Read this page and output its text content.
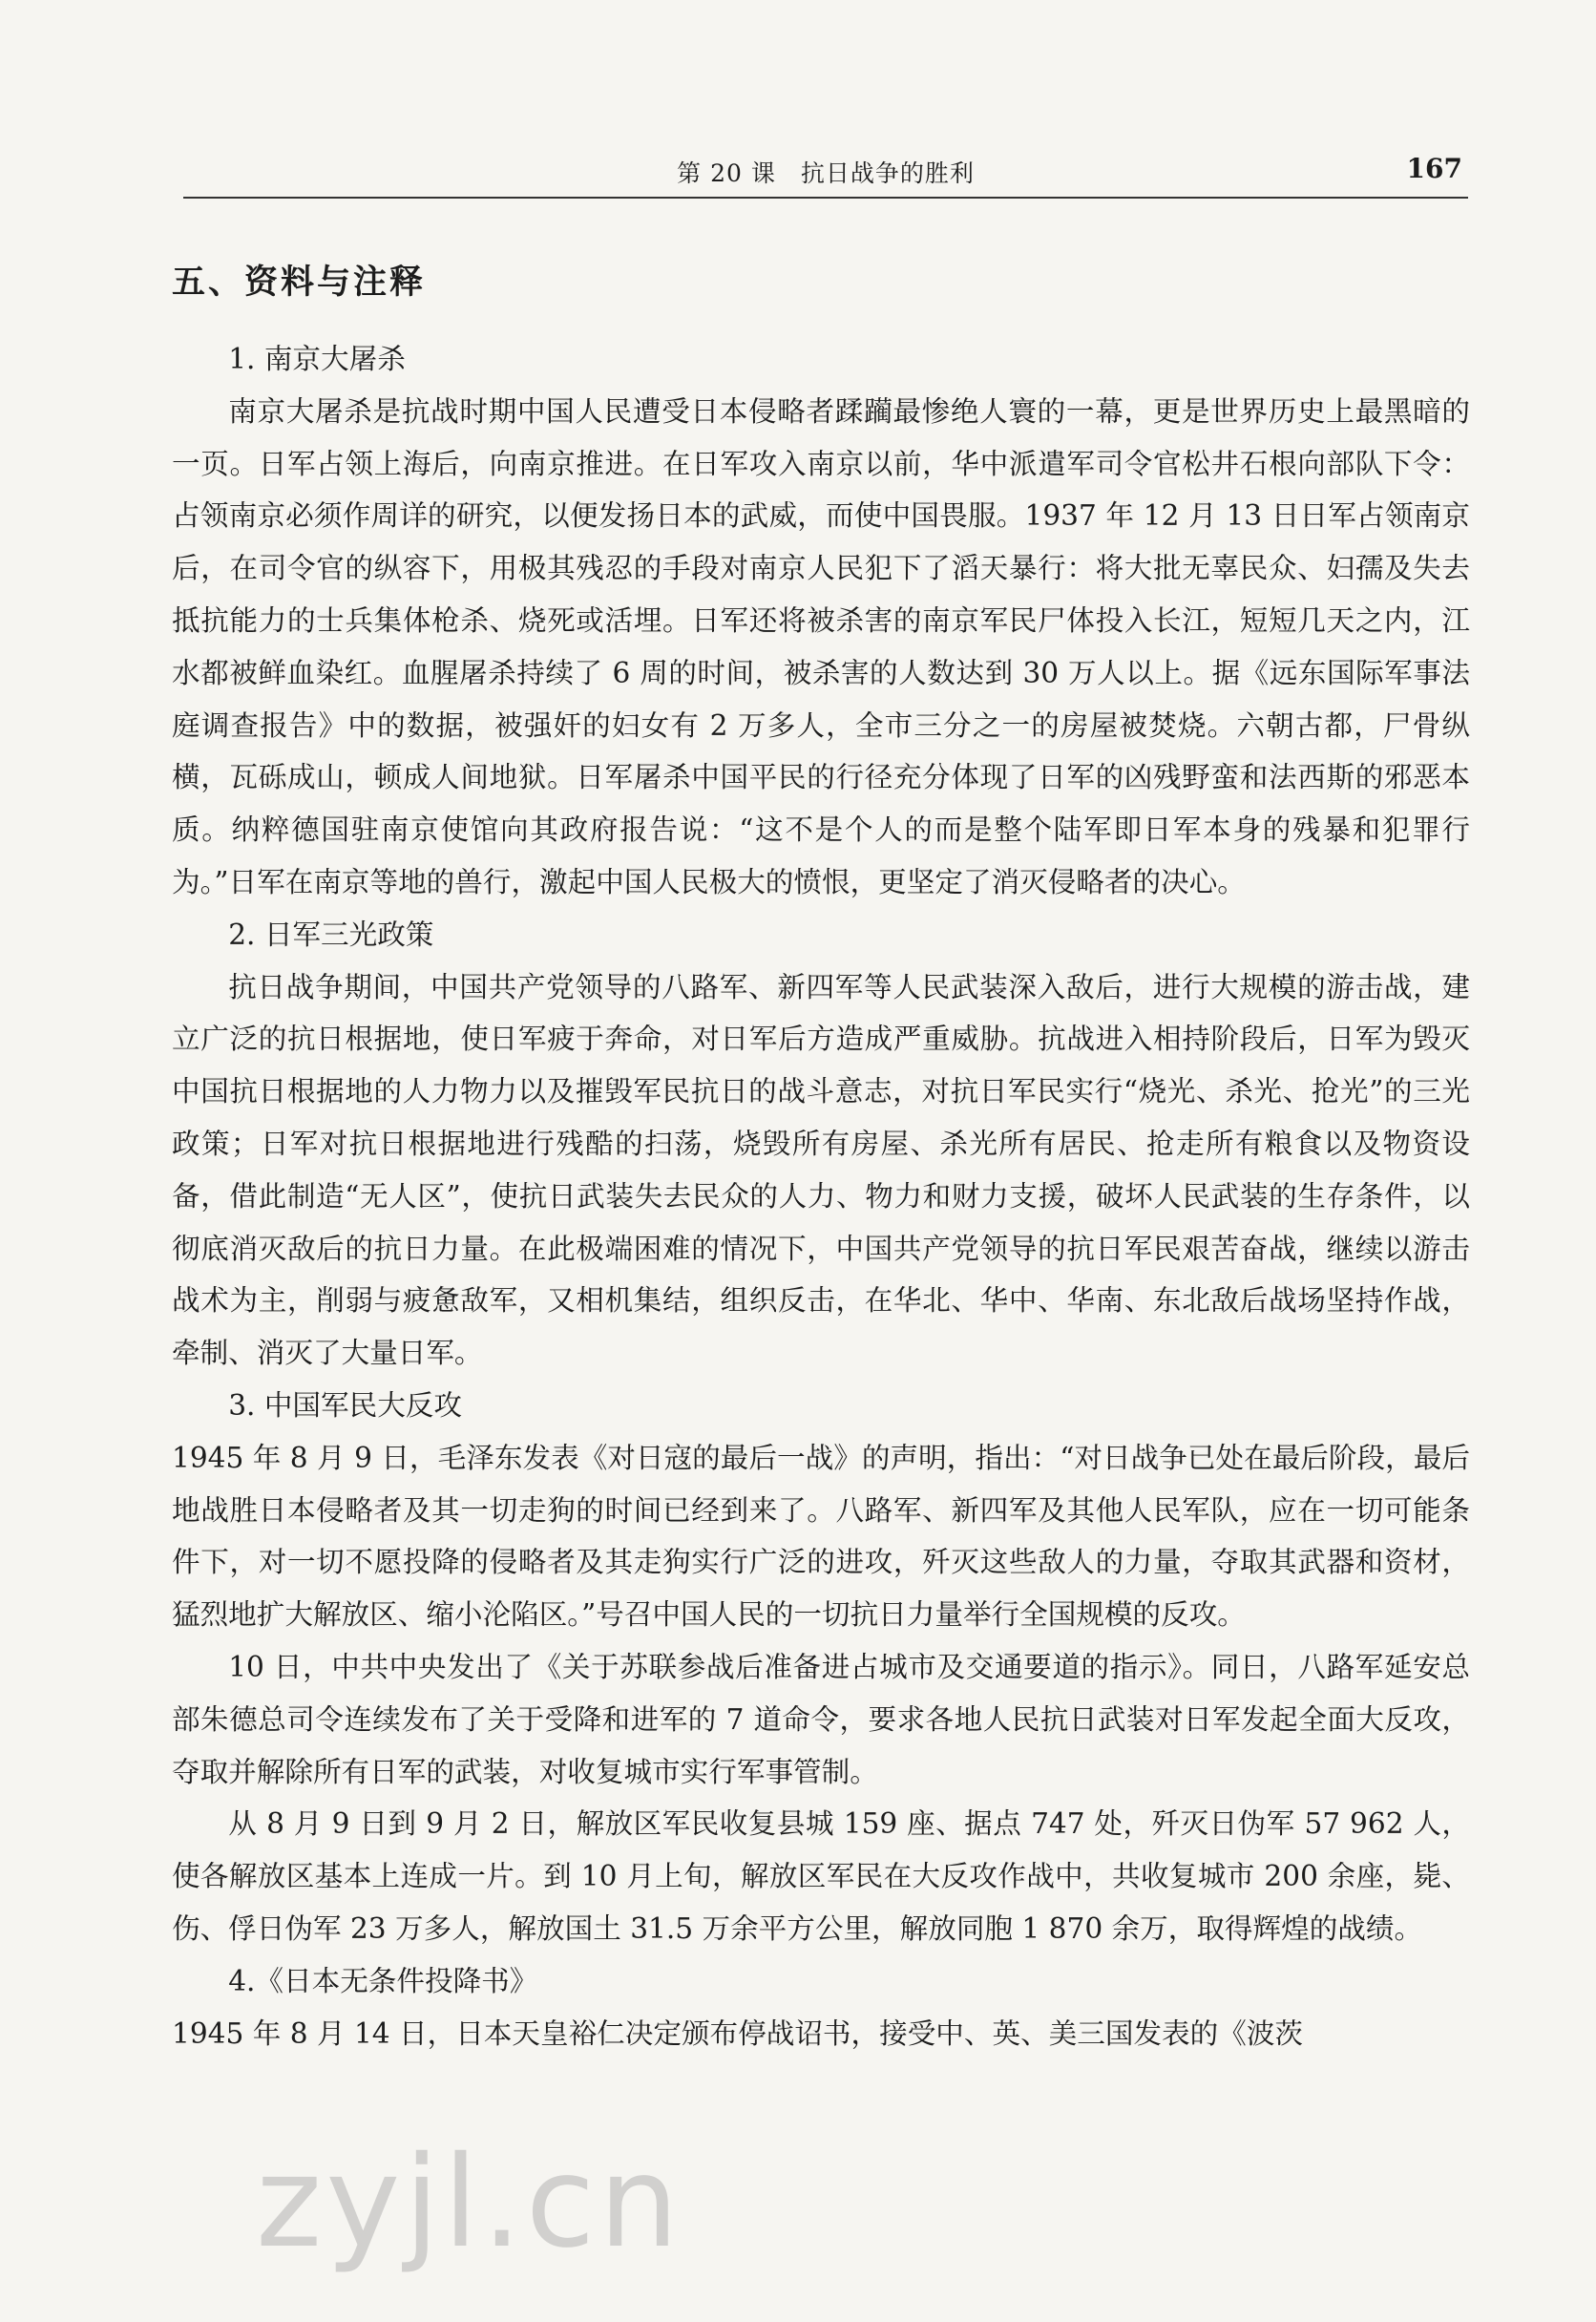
第 20 课　抗日战争的胜利	167
五、资料与注释

1. 南京大屠杀

南京大屠杀是抗战时期中国人民遭受日本侵略者蹂躏最惨绝人寰的一幕，更是世界历史上最黑暗的一页。日军占领上海后，向南京推进。在日军攻入南京以前，华中派遣军司令官松井石根向部队下令：占领南京必须作周详的研究，以便发扬日本的武威，而使中国畏服。1937 年 12 月 13 日日军占领南京后，在司令官的纵容下，用极其残忍的手段对南京人民犯下了滔天暴行：将大批无辜民众、妇孺及失去抵抗能力的士兵集体枪杀、烧死或活埋。日军还将被杀害的南京军民尸体投入长江，短短几天之内，江水都被鲜血染红。血腥屠杀持续了 6 周的时间，被杀害的人数达到 30 万人以上。据《远东国际军事法庭调查报告》中的数据，被强奸的妇女有 2 万多人，全市三分之一的房屋被焚烧。六朝古都，尸骨纵横，瓦砾成山，顿成人间地狱。日军屠杀中国平民的行径充分体现了日军的凶残野蛮和法西斯的邪恶本质。纳粹德国驻南京使馆向其政府报告说：“这不是个人的而是整个陆军即日军本身的残暴和犯罪行为。”日军在南京等地的兽行，激起中国人民极大的愤恨，更坚定了消灭侵略者的决心。

2. 日军三光政策

抗日战争期间，中国共产党领导的八路军、新四军等人民武装深入敌后，进行大规模的游击战，建立广泛的抗日根据地，使日军疲于奔命，对日军后方造成严重威胁。抗战进入相持阶段后，日军为毁灭中国抗日根据地的人力物力以及摧毁军民抗日的战斗意志，对抗日军民实行“烧光、杀光、抢光”的三光政策；日军对抗日根据地进行残酷的扫荡，烧毁所有房屋、杀光所有居民、抢走所有粮食以及物资设备，借此制造“无人区”，使抗日武装失去民众的人力、物力和财力支援，破坏人民武装的生存条件，以彻底消灭敌后的抗日力量。在此极端困难的情况下，中国共产党领导的抗日军民艰苦奋战，继续以游击战术为主，削弱与疲惫敌军，又相机集结，组织反击，在华北、华中、华南、东北敌后战场坚持作战，牵制、消灭了大量日军。

3. 中国军民大反攻

1945 年 8 月 9 日，毛泽东发表《对日寇的最后一战》的声明，指出：“对日战争已处在最后阶段，最后地战胜日本侵略者及其一切走狗的时间已经到来了。八路军、新四军及其他人民军队，应在一切可能条件下，对一切不愿投降的侵略者及其走狗实行广泛的进攻，歼灭这些敌人的力量，夺取其武器和资材，猛烈地扩大解放区、缩小沦陷区。”号召中国人民的一切抗日力量举行全国规模的反攻。

10 日，中共中央发出了《关于苏联参战后准备进占城市及交通要道的指示》。同日，八路军延安总部朱德总司令连续发布了关于受降和进军的 7 道命令，要求各地人民抗日武装对日军发起全面大反攻，夺取并解除所有日军的武装，对收复城市实行军事管制。

从 8 月 9 日到 9 月 2 日，解放区军民收复县城 159 座、据点 747 处，歼灭日伪军 57 962 人，使各解放区基本上连成一片。到 10 月上旬，解放区军民在大反攻作战中，共收复城市 200 余座，毙、伤、俘日伪军 23 万多人，解放国土 31.5 万余平方公里，解放同胞 1 870 余万，取得辉煌的战绩。

4.《日本无条件投降书》

1945 年 8 月 14 日，日本天皇裕仁决定颁布停战诏书，接受中、英、美三国发表的《波茨

zyjl.cn
